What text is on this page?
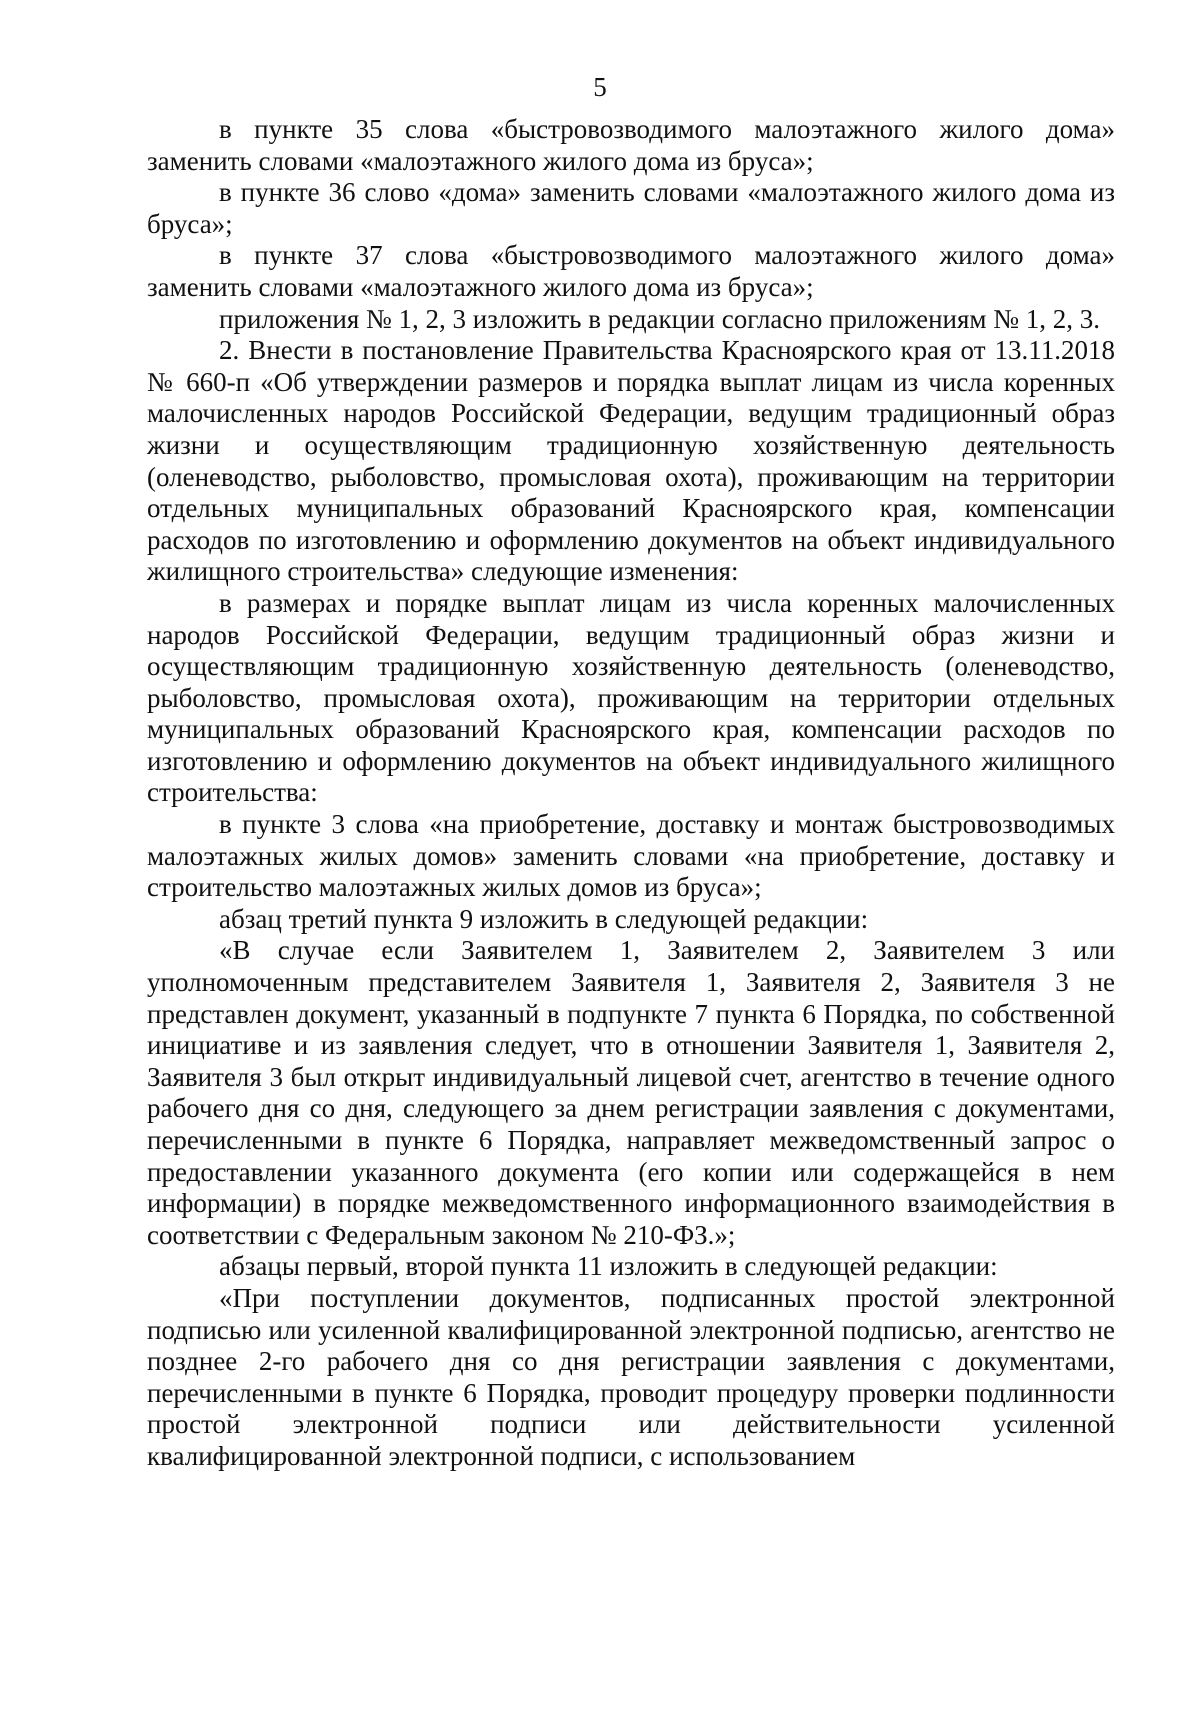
5

в пункте 35 слова «быстровозводимого малоэтажного жилого дома» заменить словами «малоэтажного жилого дома из бруса»;

в пункте 36 слово «дома» заменить словами «малоэтажного жилого дома из бруса»;

в пункте 37 слова «быстровозводимого малоэтажного жилого дома» заменить словами «малоэтажного жилого дома из бруса»;

приложения № 1, 2, 3 изложить в редакции согласно приложениям № 1, 2, 3.

2. Внести в постановление Правительства Красноярского края от 13.11.2018 № 660-п «Об утверждении размеров и порядка выплат лицам из числа коренных малочисленных народов Российской Федерации, ведущим традиционный образ жизни и осуществляющим традиционную хозяйственную деятельность (оленеводство, рыболовство, промысловая охота), проживающим на территории отдельных муниципальных образований Красноярского края, компенсации расходов по изготовлению и оформлению документов на объект индивидуального жилищного строительства» следующие изменения:

в размерах и порядке выплат лицам из числа коренных малочисленных народов Российской Федерации, ведущим традиционный образ жизни и осуществляющим традиционную хозяйственную деятельность (оленеводство, рыболовство, промысловая охота), проживающим на территории отдельных муниципальных образований Красноярского края, компенсации расходов по изготовлению и оформлению документов на объект индивидуального жилищного строительства:

в пункте 3 слова «на приобретение, доставку и монтаж быстровозводимых малоэтажных жилых домов» заменить словами «на приобретение, доставку и строительство малоэтажных жилых домов из бруса»;

абзац третий пункта 9 изложить в следующей редакции:

«В случае если Заявителем 1, Заявителем 2, Заявителем 3 или уполномоченным представителем Заявителя 1, Заявителя 2, Заявителя 3 не представлен документ, указанный в подпункте 7 пункта 6 Порядка, по собственной инициативе и из заявления следует, что в отношении Заявителя 1, Заявителя 2, Заявителя 3 был открыт индивидуальный лицевой счет, агентство в течение одного рабочего дня со дня, следующего за днем регистрации заявления с документами, перечисленными в пункте 6 Порядка, направляет межведомственный запрос о предоставлении указанного документа (его копии или содержащейся в нем информации) в порядке межведомственного информационного взаимодействия в соответствии с Федеральным законом № 210-ФЗ.»;

абзацы первый, второй пункта 11 изложить в следующей редакции:

«При поступлении документов, подписанных простой электронной подписью или усиленной квалифицированной электронной подписью, агентство не позднее 2-го рабочего дня со дня регистрации заявления с документами, перечисленными в пункте 6 Порядка, проводит процедуру проверки подлинности простой электронной подписи или действительности усиленной квалифицированной электронной подписи, с использованием
